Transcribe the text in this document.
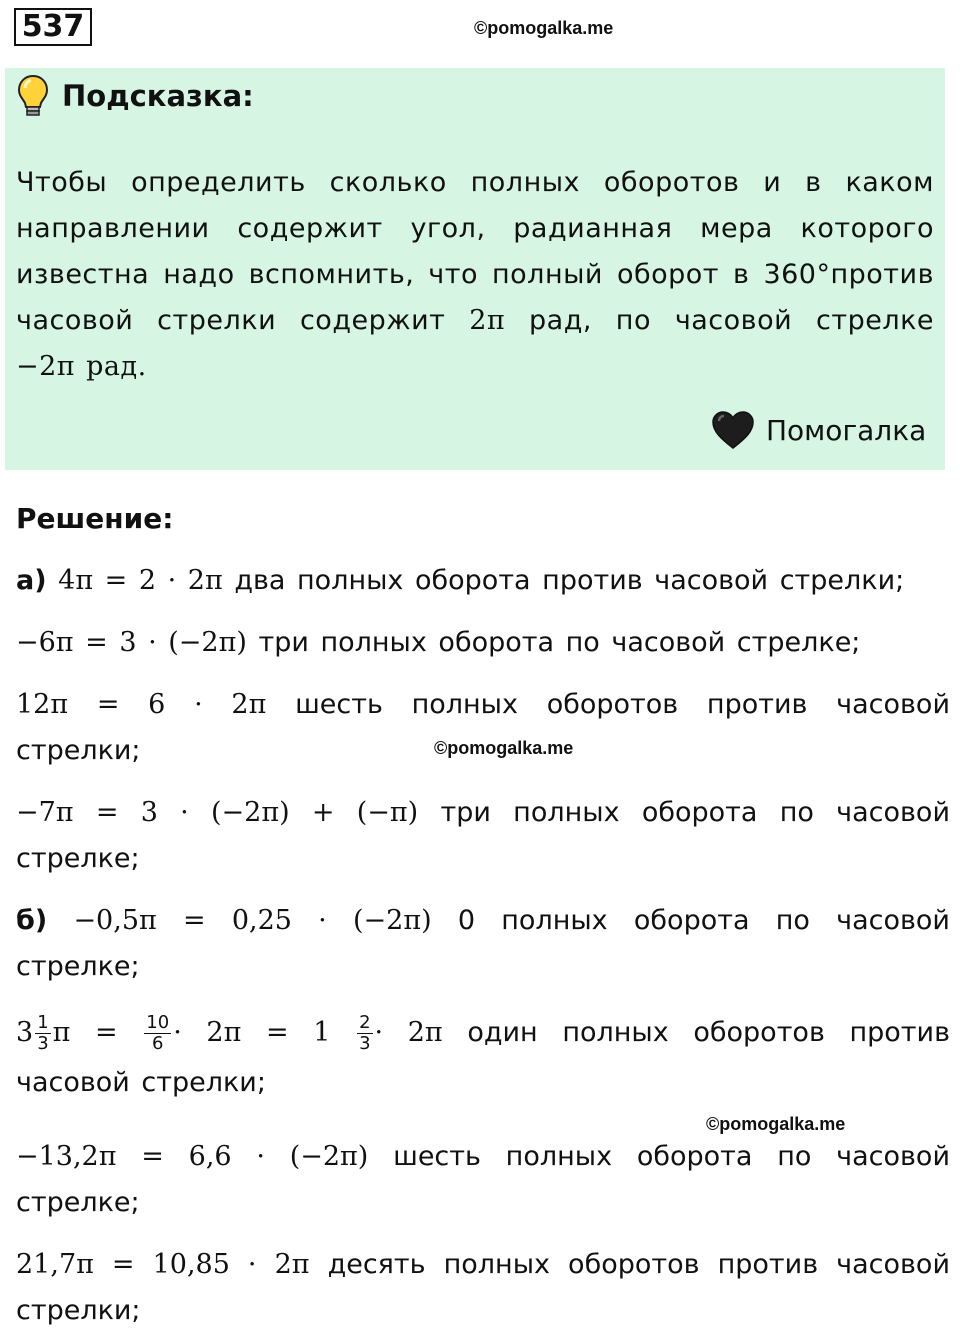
537	©pomogalka.me
Подсказка:
Чтобы определить сколько полных оборотов и в каком
направлении содержит угол, радианная мера которого
известна надо вспомнить, что полный оборот в 360°против
часовой стрелки содержит 2π рад, по часовой стрелке
−2π рад.
Помогалка
Решение:
а) 4π = 2 · 2π два полных оборота против часовой стрелки;
−6π = 3 · (−2π) три полных оборота по часовой стрелке;
12π = 6 · 2π шесть полных оборотов против часовой
стрелки;	©pomogalka.me
−7π = 3 · (−2π) + (−π) три полных оборота по часовой
стрелке;
б) −0,5π = 0,25 · (−2π) 0 полных оборота по часовой
стрелке;
$3 \frac{1}{3}$ $\pi = \frac{10}{6} \cdot 2\pi = 1 \frac{2}{3} \cdot 2\pi$ один полных оборотов против
часовой стрелки;
©pomogalka.me
−13,2π = 6,6 · (−2π) шесть полных оборота по часовой
стрелке;
21,7π = 10,85 · 2π десять полных оборотов против часовой
стрелки;
